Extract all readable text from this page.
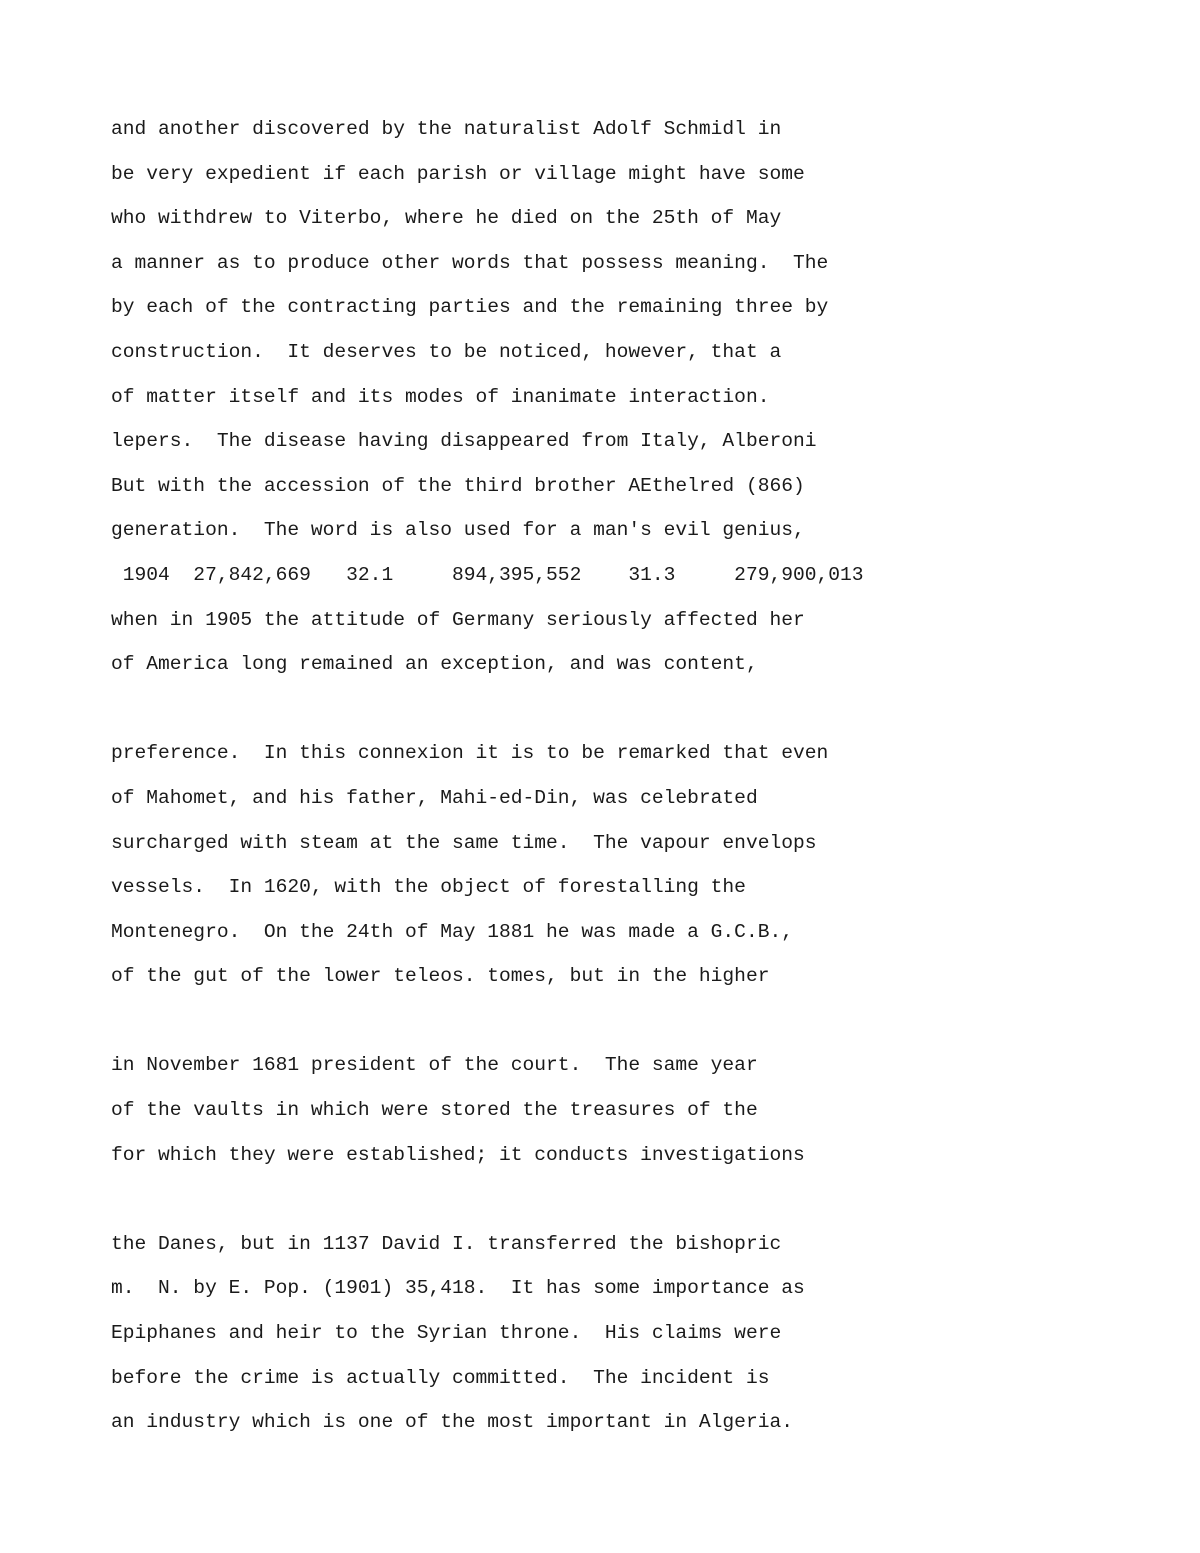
and another discovered by the naturalist Adolf Schmidl in
be very expedient if each parish or village might have some
who withdrew to Viterbo, where he died on the 25th of May
a manner as to produce other words that possess meaning.  The
by each of the contracting parties and the remaining three by
construction.  It deserves to be noticed, however, that a
of matter itself and its modes of inanimate interaction.
lepers.  The disease having disappeared from Italy, Alberoni
But with the accession of the third brother AEthelred (866)
generation.  The word is also used for a man's evil genius,
1904  27,842,669   32.1     894,395,552    31.3     279,900,013
when in 1905 the attitude of Germany seriously affected her
of America long remained an exception, and was content,
preference.  In this connexion it is to be remarked that even
of Mahomet, and his father, Mahi-ed-Din, was celebrated
surcharged with steam at the same time.  The vapour envelops
vessels.  In 1620, with the object of forestalling the
Montenegro.  On the 24th of May 1881 he was made a G.C.B.,
of the gut of the lower teleos. tomes, but in the higher
in November 1681 president of the court.  The same year
of the vaults in which were stored the treasures of the
for which they were established; it conducts investigations
the Danes, but in 1137 David I. transferred the bishopric
m.  N. by E. Pop. (1901) 35,418.  It has some importance as
Epiphanes and heir to the Syrian throne.  His claims were
before the crime is actually committed.  The incident is
an industry which is one of the most important in Algeria.
